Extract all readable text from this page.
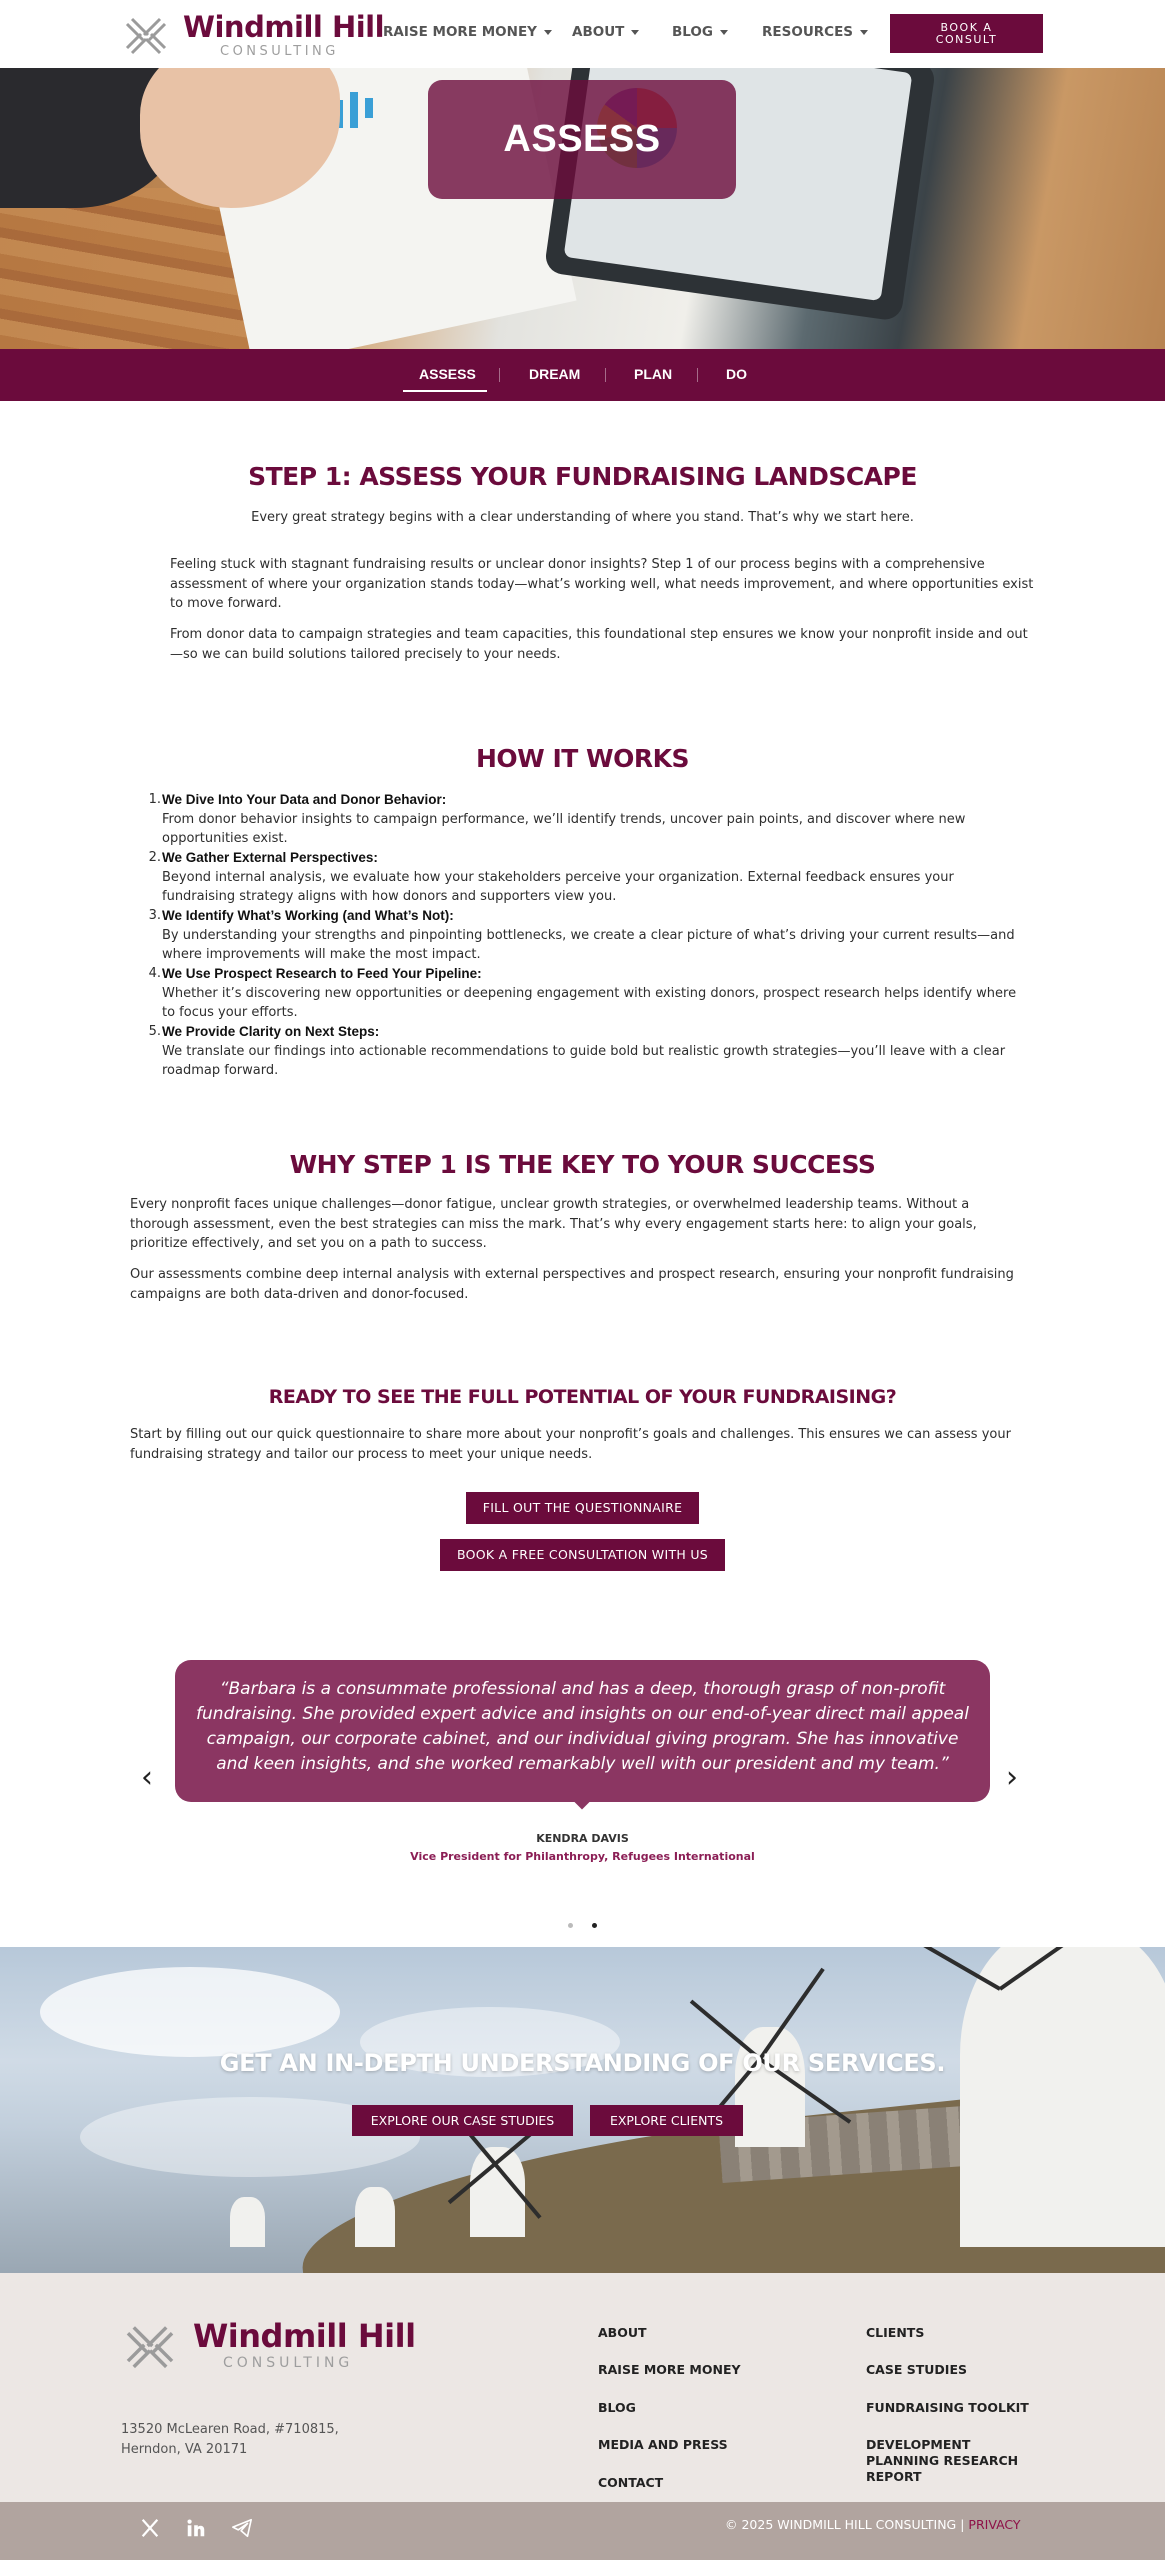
Windmill Hill
CONSULTING
RAISE MORE MONEY	ABOUT	BLOG	RESOURCES	BOOK A
CONSULT
ASSESS
ASSESS	DREAM	PLAN	DO
STEP 1: ASSESS YOUR FUNDRAISING LANDSCAPE
Every great strategy begins with a clear understanding of where you stand. That’s why we start here.
Feeling stuck with stagnant fundraising results or unclear donor insights? Step 1 of our process begins with a comprehensive assessment of where your organization stands today—what’s working well, what needs improvement, and where opportunities exist to move forward.
From donor data to campaign strategies and team capacities, this foundational step ensures we know your nonprofit inside and out—so we can build solutions tailored precisely to your needs.
HOW IT WORKS
1. We Dive Into Your Data and Donor Behavior:
From donor behavior insights to campaign performance, we’ll identify trends, uncover pain points, and discover where new opportunities exist.
2. We Gather External Perspectives:
Beyond internal analysis, we evaluate how your stakeholders perceive your organization. External feedback ensures your fundraising strategy aligns with how donors and supporters view you.
3. We Identify What’s Working (and What’s Not):
By understanding your strengths and pinpointing bottlenecks, we create a clear picture of what’s driving your current results—and where improvements will make the most impact.
4. We Use Prospect Research to Feed Your Pipeline:
Whether it’s discovering new opportunities or deepening engagement with existing donors, prospect research helps identify where to focus your efforts.
5. We Provide Clarity on Next Steps:
We translate our findings into actionable recommendations to guide bold but realistic growth strategies—you’ll leave with a clear roadmap forward.
WHY STEP 1 IS THE KEY TO YOUR SUCCESS
Every nonprofit faces unique challenges—donor fatigue, unclear growth strategies, or overwhelmed leadership teams. Without a thorough assessment, even the best strategies can miss the mark. That’s why every engagement starts here: to align your goals, prioritize effectively, and set you on a path to success.
Our assessments combine deep internal analysis with external perspectives and prospect research, ensuring your nonprofit fundraising campaigns are both data-driven and donor-focused.
READY TO SEE THE FULL POTENTIAL OF YOUR FUNDRAISING?
Start by filling out our quick questionnaire to share more about your nonprofit’s goals and challenges. This ensures we can assess your fundraising strategy and tailor our process to meet your unique needs.
FILL OUT THE QUESTIONNAIRE
BOOK A FREE CONSULTATION WITH US
“Barbara is a consummate professional and has a deep, thorough grasp of non-profit fundraising. She provided expert advice and insights on our end-of-year direct mail appeal campaign, our corporate cabinet, and our individual giving program. She has innovative and keen insights, and she worked remarkably well with our president and my team.”
‹	›
KENDRA DAVIS
Vice President for Philanthropy, Refugees International
GET AN IN-DEPTH UNDERSTANDING OF OUR SERVICES.
EXPLORE OUR CASE STUDIES	EXPLORE CLIENTS
Windmill Hill
CONSULTING
13520 McLearen Road, #710815,
Herndon, VA 20171
ABOUT
RAISE MORE MONEY
BLOG
MEDIA AND PRESS
CONTACT
CLIENTS
CASE STUDIES
FUNDRAISING TOOLKIT
DEVELOPMENT
PLANNING RESEARCH
REPORT
© 2025 WINDMILL HILL CONSULTING | PRIVACY
